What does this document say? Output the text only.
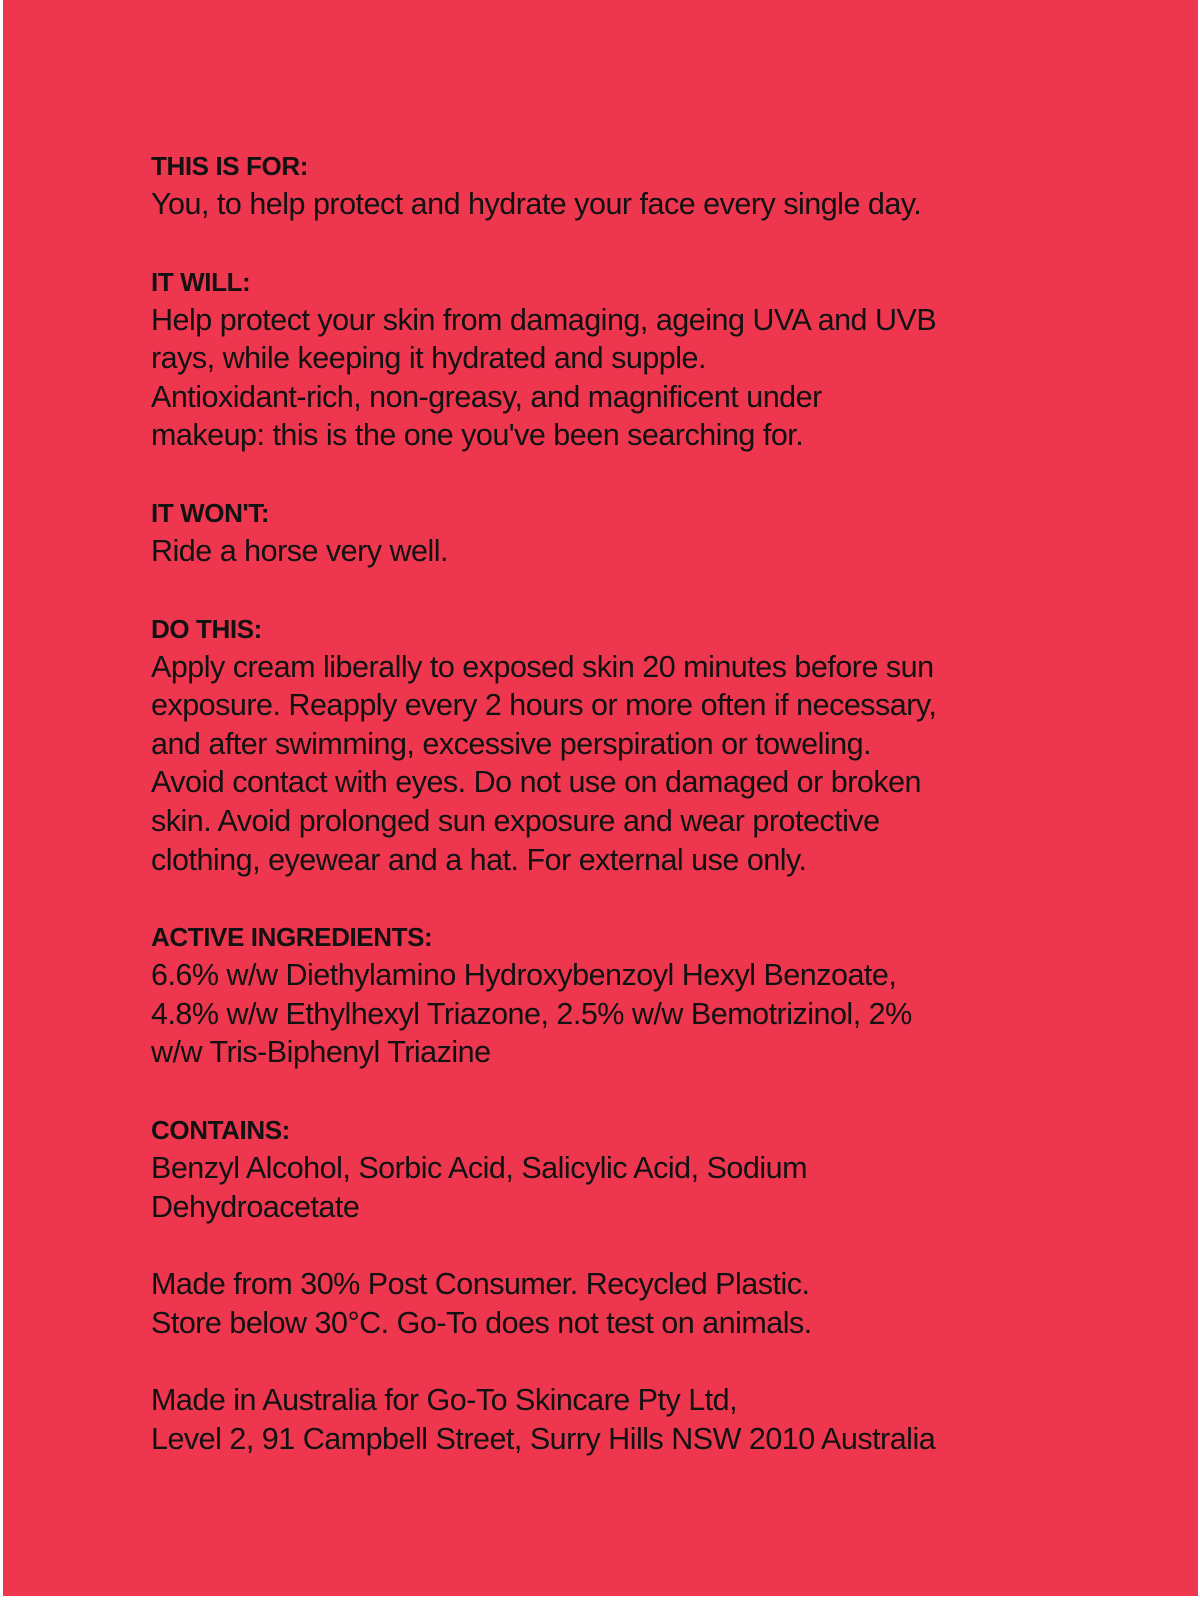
THIS IS FOR:

You, to help protect and hydrate your face every single day.

IT WILL:

Help protect your skin from damaging, ageing UVA and UVB

rays, while keeping it hydrated and supple.

Antioxidant-rich, non-greasy, and magnificent under

makeup: this is the one you've been searching for.

IT WON'T:

Ride a horse very well.

DO THIS:

Apply cream liberally to exposed skin 20 minutes before sun

exposure. Reapply every 2 hours or more often if necessary,

and after swimming, excessive perspiration or toweling.

Avoid contact with eyes. Do not use on damaged or broken

skin. Avoid prolonged sun exposure and wear protective

clothing, eyewear and a hat. For external use only.

ACTIVE INGREDIENTS:

6.6% w/w Diethylamino Hydroxybenzoyl Hexyl Benzoate,

4.8% w/w Ethylhexyl Triazone, 2.5% w/w Bemotrizinol, 2%

w/w Tris-Biphenyl Triazine

CONTAINS:

Benzyl Alcohol, Sorbic Acid, Salicylic Acid, Sodium

Dehydroacetate

Made from 30% Post Consumer. Recycled Plastic.

Store below 30°C. Go-To does not test on animals.

Made in Australia for Go-To Skincare Pty Ltd,

Level 2, 91 Campbell Street, Surry Hills NSW 2010 Australia
